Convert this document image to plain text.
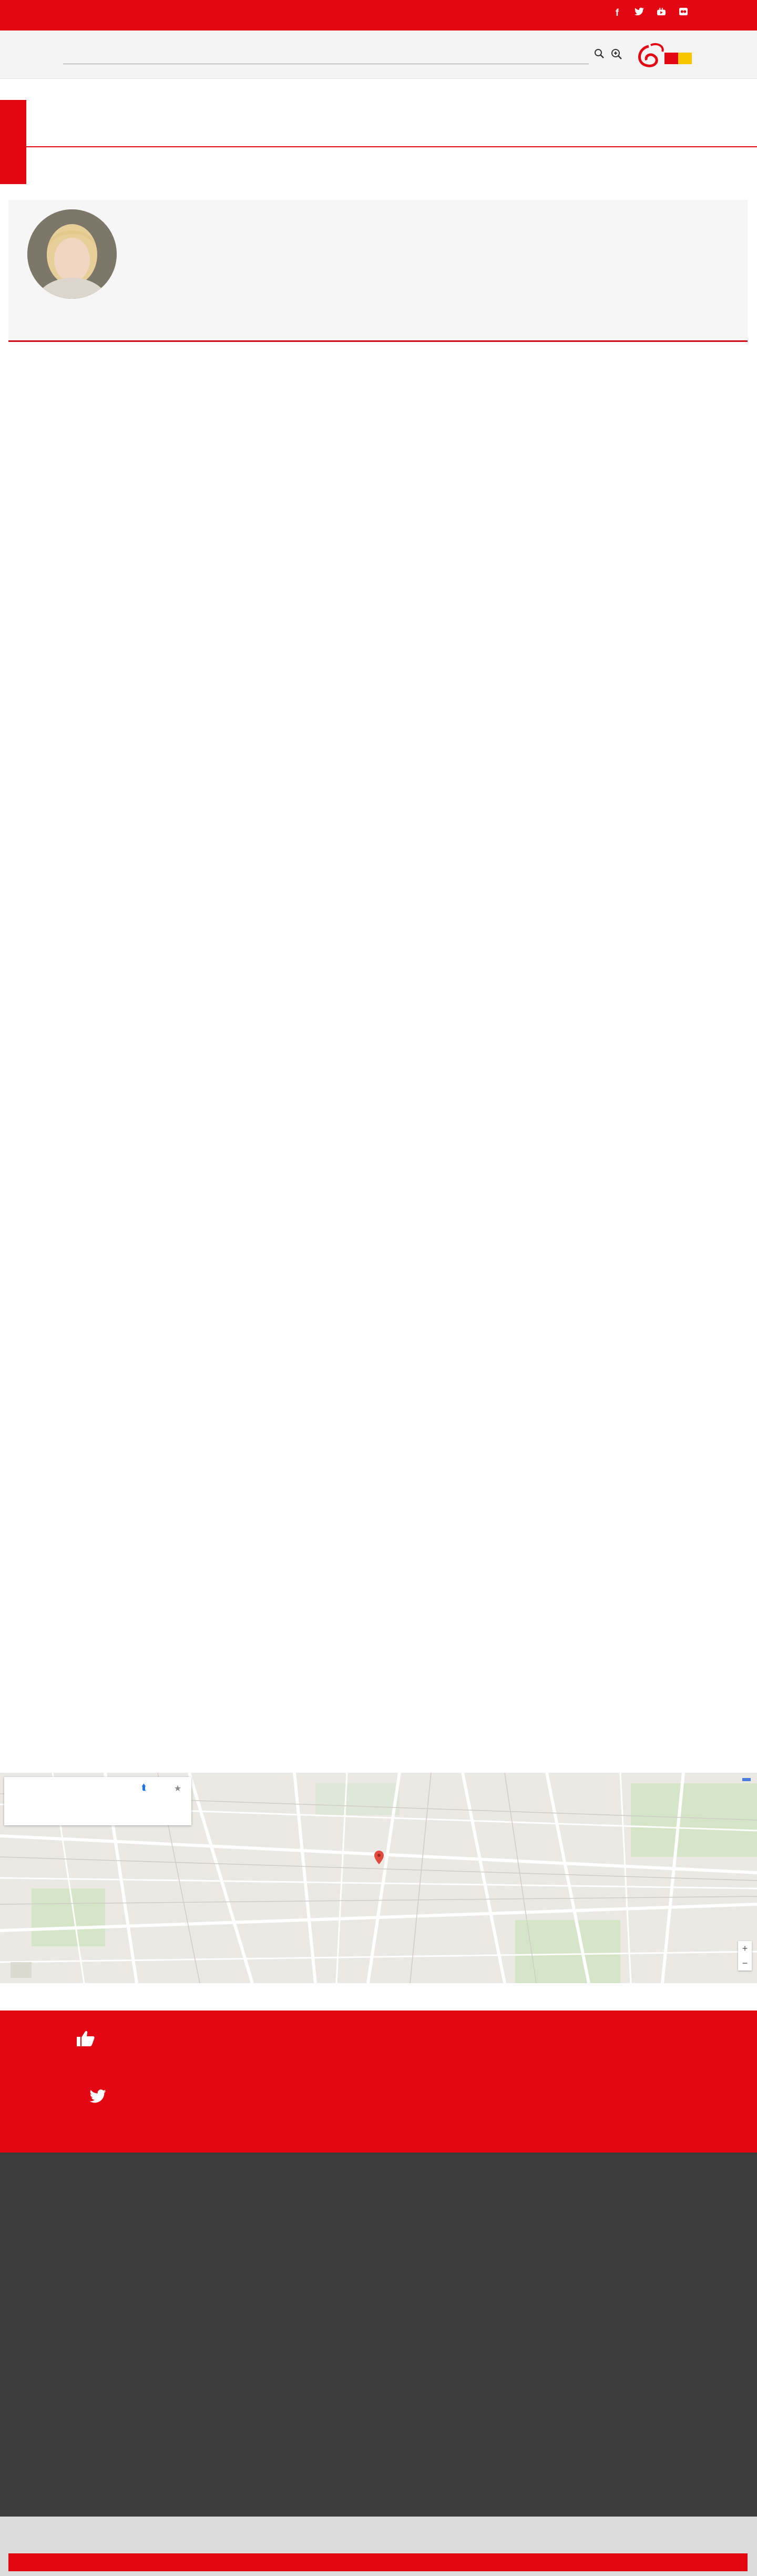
f
⮬	★
+
−
